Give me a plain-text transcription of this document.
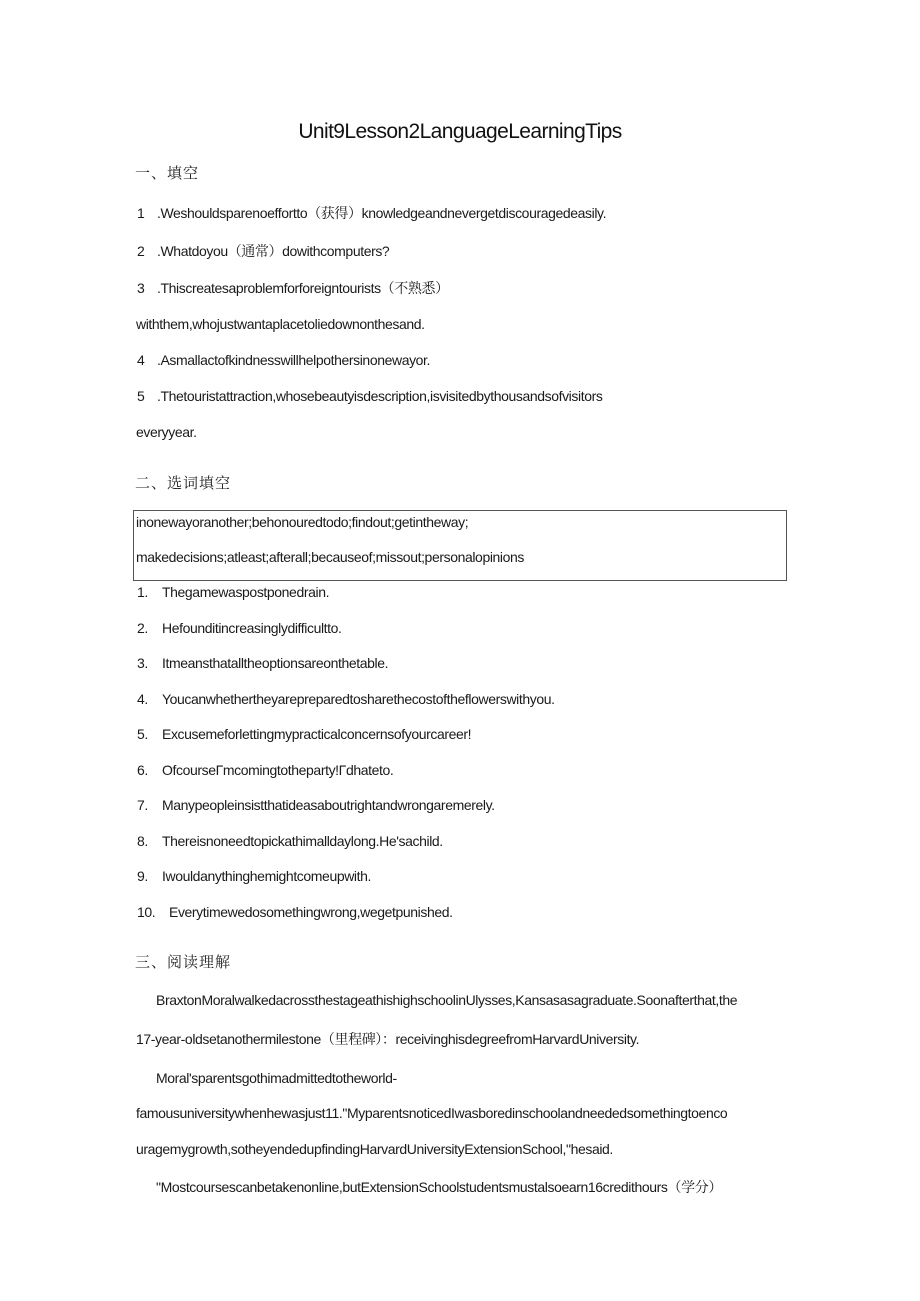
Unit9Lesson2LanguageLearningTips
一、填空
1 .Weshouldsparenoeffortto（获得）knowledgeandnevergetdiscouragedeasily.
2 .Whatdoyou（通常）dowithcomputers?
3 .Thiscreatesaproblemforforeigntourists（不熟悉）
withthem,whojustwantaplacetoliedownonthesand.
4 .Asmallactofkindnesswillhelpothersinonewayor.
5 .Thetouristattraction,whosebeautyisdescription,isvisitedbythousandsofvisitors
everyyear.
二、选词填空
inonewayoranother;behonouredtodo;findout;getintheway;
makedecisions;atleast;afterall;becauseof;missout;personalopinions
1. Thegamewaspostponedrain.
2. Hefounditincreasinglydifficultto.
3. Itmeansthatalltheoptionsareonthetable.
4. Youcanwhethertheyarepreparedtosharethecostoftheflowerswithyou.
5. Excusemeforlettingmypracticalconcernsofyourcareer!
6. OfcourseΓmcomingtotheparty!Γdhateto.
7. Manypeopleinsistthatideasaboutrightandwrongaremerely.
8. Thereisnoneedtopickathimalldaylong.He'sachild.
9. Iwouldanythinghemightcomeupwith.
10. Everytimewedosomethingwrong,wegetpunished.
三、阅读理解
BraxtonMoralwalkedacrossthestageathishighschoolinUlysses,Kansasasagraduate.Soonafterthat,the
17-year-oldsetanothermilestone（里程碑）：receivinghisdegreefromHarvardUniversity.
Moral'sparentsgothimadmittedtotheworld-
famousuniversitywhenhewasjust11."MyparentsnoticedIwasboredinschoolandneededsomethingtoenco
uragemygrowth,sotheyendedupfindingHarvardUniversityExtensionSchool,"hesaid.
"Mostcoursescanbetakenonline,butExtensionSchoolstudentsmustalsoearn16credithours（学分）
